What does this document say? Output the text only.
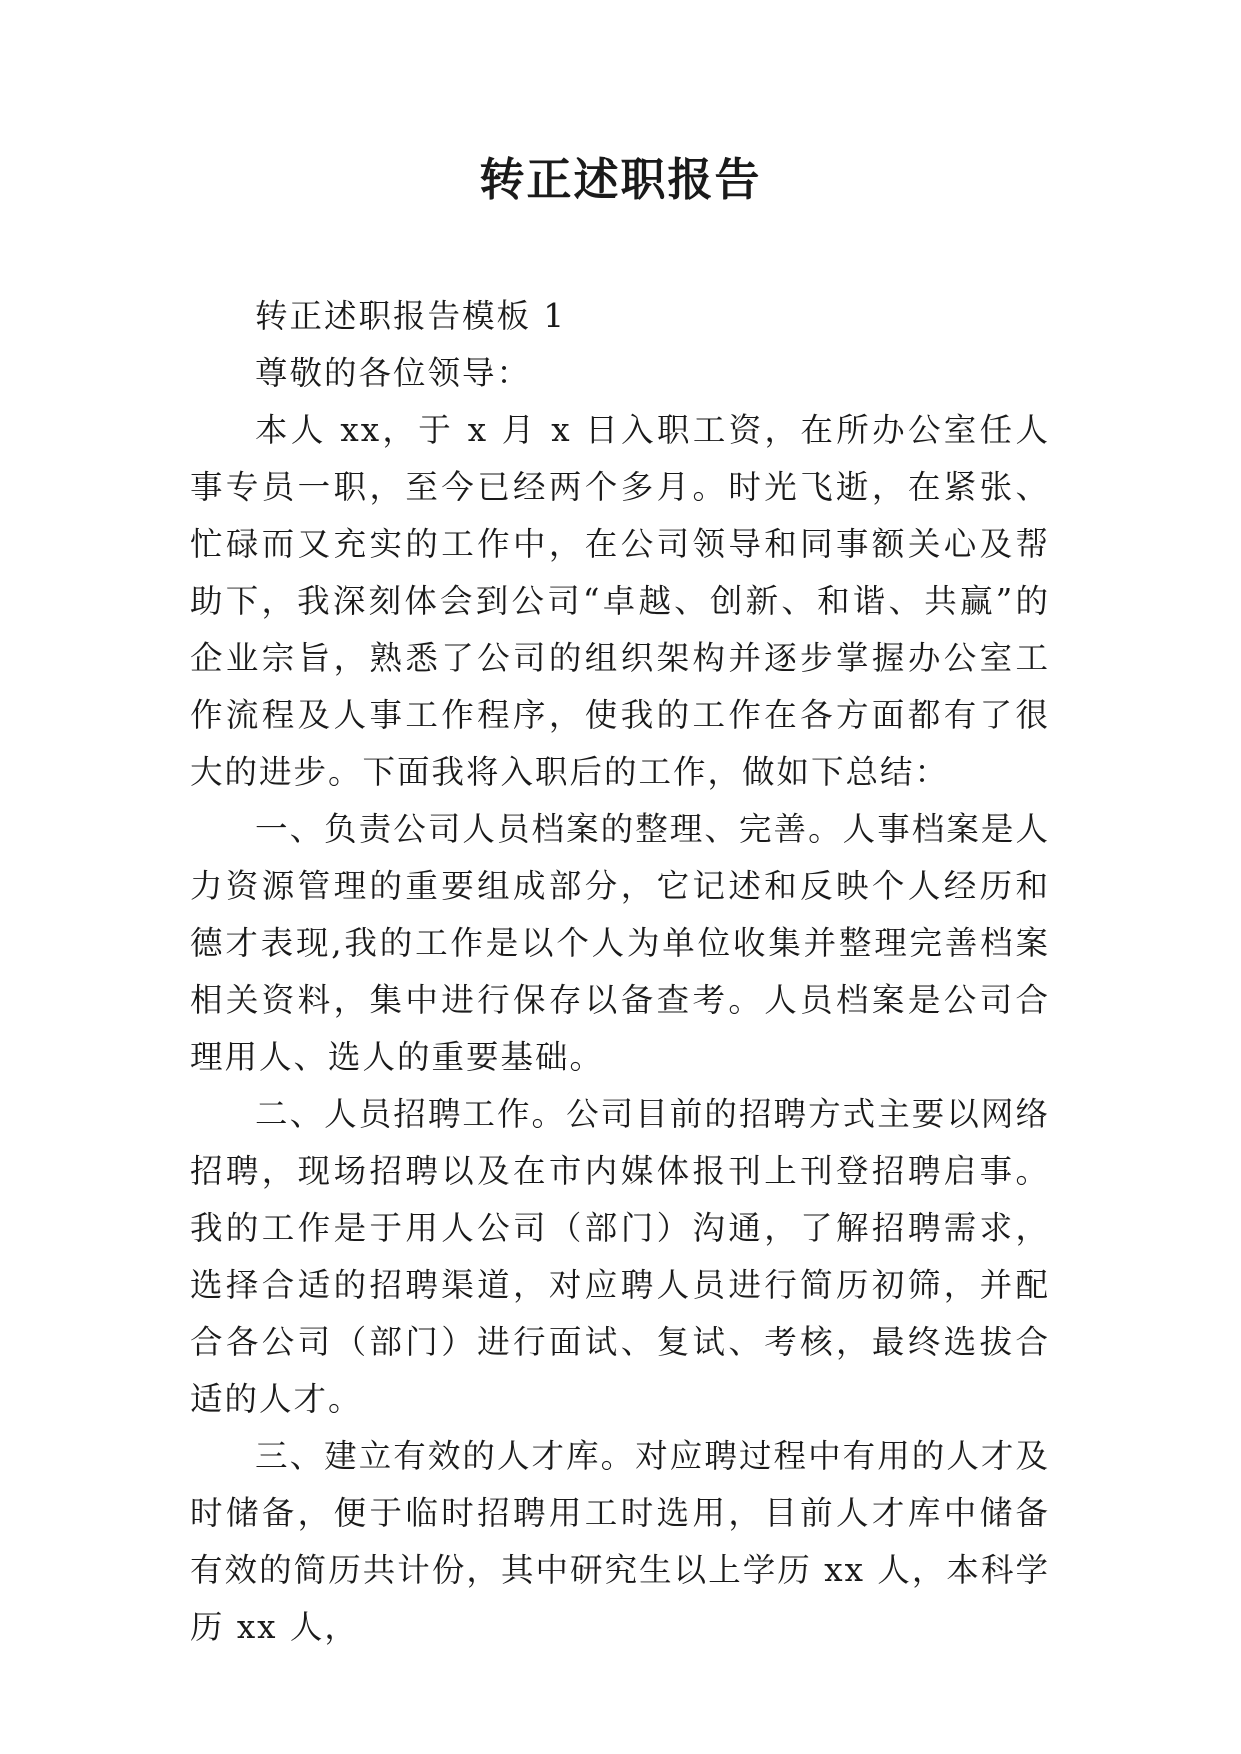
转正述职报告

转正述职报告模板 1

尊敬的各位领导：

本人 xx，于 x 月 x 日入职工资，在所办公室任人事专员一职，至今已经两个多月。时光飞逝，在紧张、忙碌而又充实的工作中，在公司领导和同事额关心及帮助下，我深刻体会到公司“卓越、创新、和谐、共赢”的企业宗旨，熟悉了公司的组织架构并逐步掌握办公室工作流程及人事工作程序，使我的工作在各方面都有了很大的进步。下面我将入职后的工作，做如下总结：

一、负责公司人员档案的整理、完善。人事档案是人力资源管理的重要组成部分，它记述和反映个人经历和德才表现,我的工作是以个人为单位收集并整理完善档案相关资料，集中进行保存以备查考。人员档案是公司合理用人、选人的重要基础。

二、人员招聘工作。公司目前的招聘方式主要以网络招聘，现场招聘以及在市内媒体报刊上刊登招聘启事。我的工作是于用人公司（部门）沟通，了解招聘需求，选择合适的招聘渠道，对应聘人员进行简历初筛，并配合各公司（部门）进行面试、复试、考核，最终选拔合适的人才。

三、建立有效的人才库。对应聘过程中有用的人才及时储备，便于临时招聘用工时选用，目前人才库中储备有效的简历共计份，其中研究生以上学历 xx 人，本科学历 xx 人，
